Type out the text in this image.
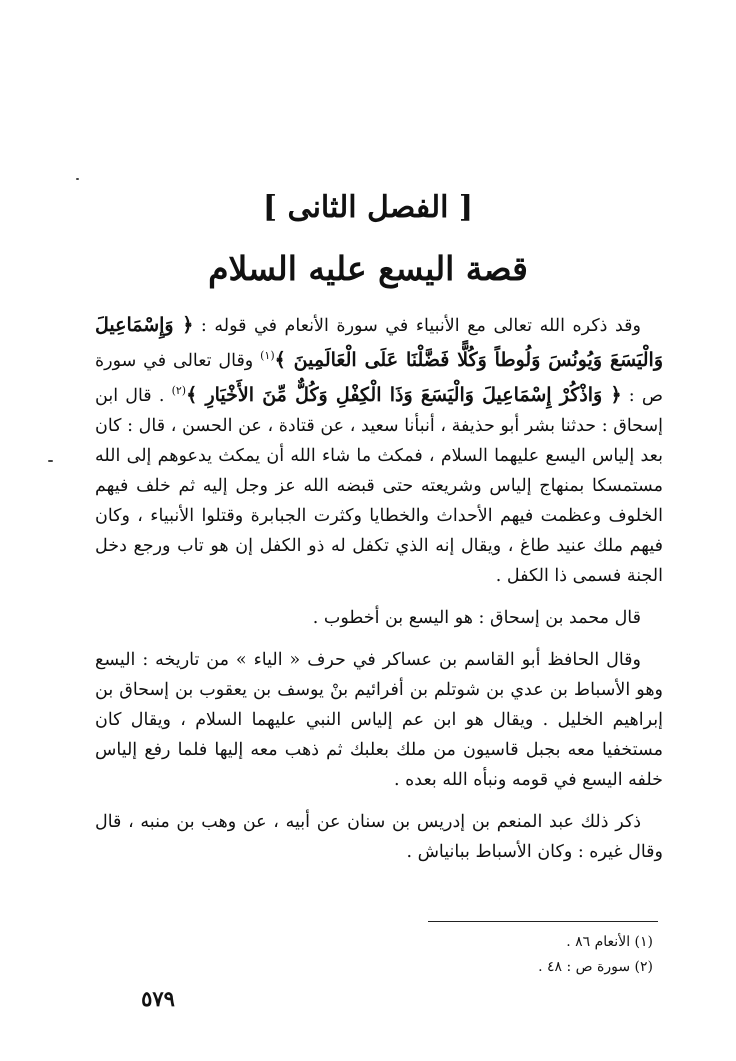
[ الفصل الثانى ]
قصة اليسع عليه السلام

وقد ذكره الله تعالى مع الأنبياء في سورة الأنعام في قوله : ﴿ وَإِسْمَاعِيلَ وَالْيَسَعَ وَيُونُسَ وَلُوطاً وَكُلًّا فَضَّلْنَا عَلَى الْعَالَمِينَ ﴾$^{(١)}$ وقال تعالى في سورة ص : ﴿ وَاذْكُرْ إِسْمَاعِيلَ وَالْيَسَعَ وَذَا الْكِفْلِ وَكُلٌّ مِّنَ الأَخْيَارِ ﴾$^{(٢)}$ . قال ابن إسحاق : حدثنا بشر أبو حذيفة ، أنبأنا سعيد ، عن قتادة ، عن الحسن ، قال : كان بعد إلياس اليسع عليهما السلام ، فمكث ما شاء الله أن يمكث يدعوهم إلى الله مستمسكا بمنهاج إلياس وشريعته حتى قبضه الله عز وجل إليه ثم خلف فيهم الخلوف وعظمت فيهم الأحداث والخطايا وكثرت الجبابرة وقتلوا الأنبياء ، وكان فيهم ملك عنيد طاغ ، ويقال إنه الذي تكفل له ذو الكفل إن هو تاب ورجع دخل الجنة فسمى ذا الكفل .

قال محمد بن إسحاق : هو اليسع بن أخطوب .

وقال الحافظ أبو القاسم بن عساكر في حرف « الياء » من تاريخه : اليسع وهو الأسباط بن عدي بن شوتلم بن أفرائيم بنْ يوسف بن يعقوب بن إسحاق بن إبراهيم الخليل . ويقال هو ابن عم إلياس النبي عليهما السلام ، ويقال كان مستخفيا معه بجبل قاسيون من ملك بعلبك ثم ذهب معه إليها فلما رفع إلياس خلفه اليسع في قومه ونبأه الله بعده .

ذكر ذلك عبد المنعم بن إدريس بن سنان عن أبيه ، عن وهب بن منبه ، قال وقال غيره : وكان الأسباط ببانياش .

(١) الأنعام ٨٦ .

(٢) سورة ص : ٤٨ .

٥٧٩
